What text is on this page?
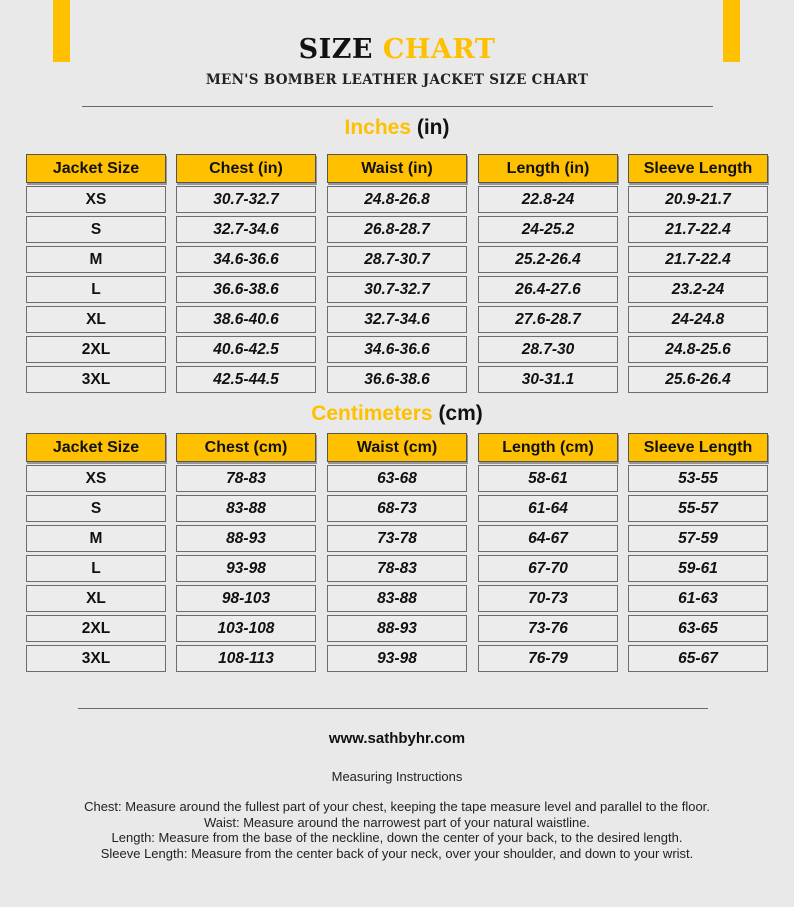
SIZE CHART
MEN'S BOMBER LEATHER JACKET SIZE CHART
Inches (in)
Jacket Size
XS
S
M
L
XL
2XL
3XL
Chest (in)
30.7-32.7
32.7-34.6
34.6-36.6
36.6-38.6
38.6-40.6
40.6-42.5
42.5-44.5
Waist (in)
24.8-26.8
26.8-28.7
28.7-30.7
30.7-32.7
32.7-34.6
34.6-36.6
36.6-38.6
Length (in)
22.8-24
24-25.2
25.2-26.4
26.4-27.6
27.6-28.7
28.7-30
30-31.1
Sleeve Length
20.9-21.7
21.7-22.4
21.7-22.4
23.2-24
24-24.8
24.8-25.6
25.6-26.4
Centimeters (cm)
Jacket Size
XS
S
M
L
XL
2XL
3XL
Chest (cm)
78-83
83-88
88-93
93-98
98-103
103-108
108-113
Waist (cm)
63-68
68-73
73-78
78-83
83-88
88-93
93-98
Length (cm)
58-61
61-64
64-67
67-70
70-73
73-76
76-79
Sleeve Length
53-55
55-57
57-59
59-61
61-63
63-65
65-67
www.sathbyhr.com
Measuring Instructions
Chest: Measure around the fullest part of your chest, keeping the tape measure level and parallel to the floor.
Waist: Measure around the narrowest part of your natural waistline.
Length: Measure from the base of the neckline, down the center of your back, to the desired length.
Sleeve Length: Measure from the center back of your neck, over your shoulder, and down to your wrist.
